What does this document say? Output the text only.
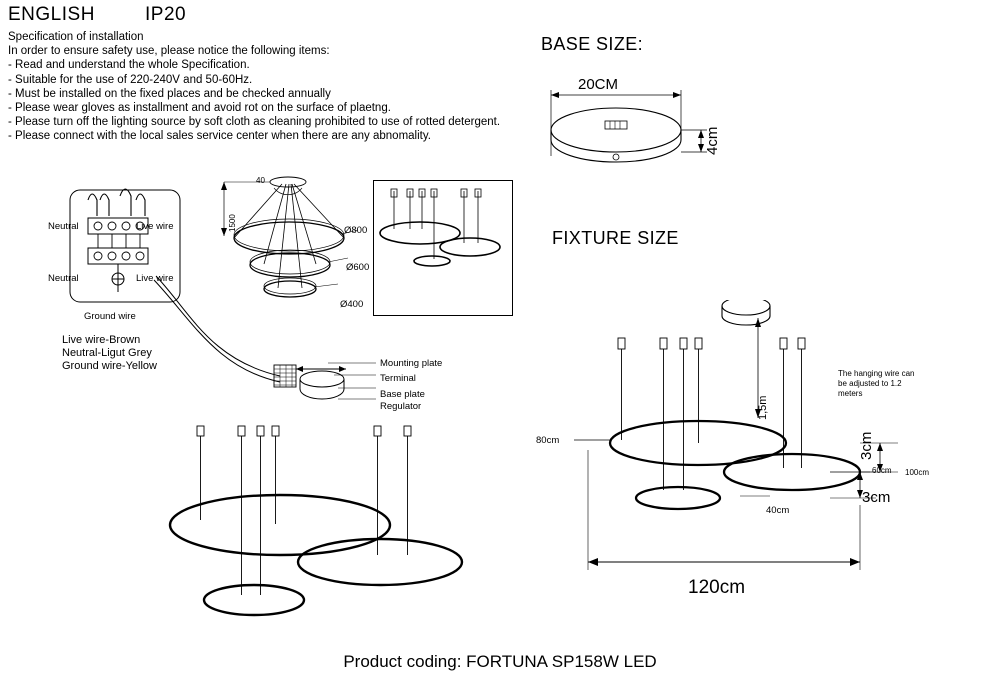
ENGLISH	IP20
Specification of installation
In order to ensure safety use, please notice the following items:
- Read and understand the whole Specification.
- Suitable for the use of 220-240V and 50-60Hz.
- Must be installed on the fixed places and be checked annually
- Please wear gloves as installment and avoid rot on the surface of plaetng.
- Please turn off the lighting source by soft cloth as cleaning prohibited to use of rotted detergent.
- Please connect with the local sales service center when there are any abnomality.
BASE SIZE:
FIXTURE SIZE
20CM
4cm
Neutral	Live wire
Neutral	Live wire
Ground wire
Live wire-Brown
Neutral-Ligut Grey
Ground wire-Yellow
1500
40
Ø800
Ø600
Ø400
Mounting plate
Terminal
Base plate
Regulator	1,5m
80cm
60cm 100cm
40cm
3cm
3cm
120cm
The hanging wire can be adjusted to 1.2 meters
Product coding: FORTUNA SP158W LED
